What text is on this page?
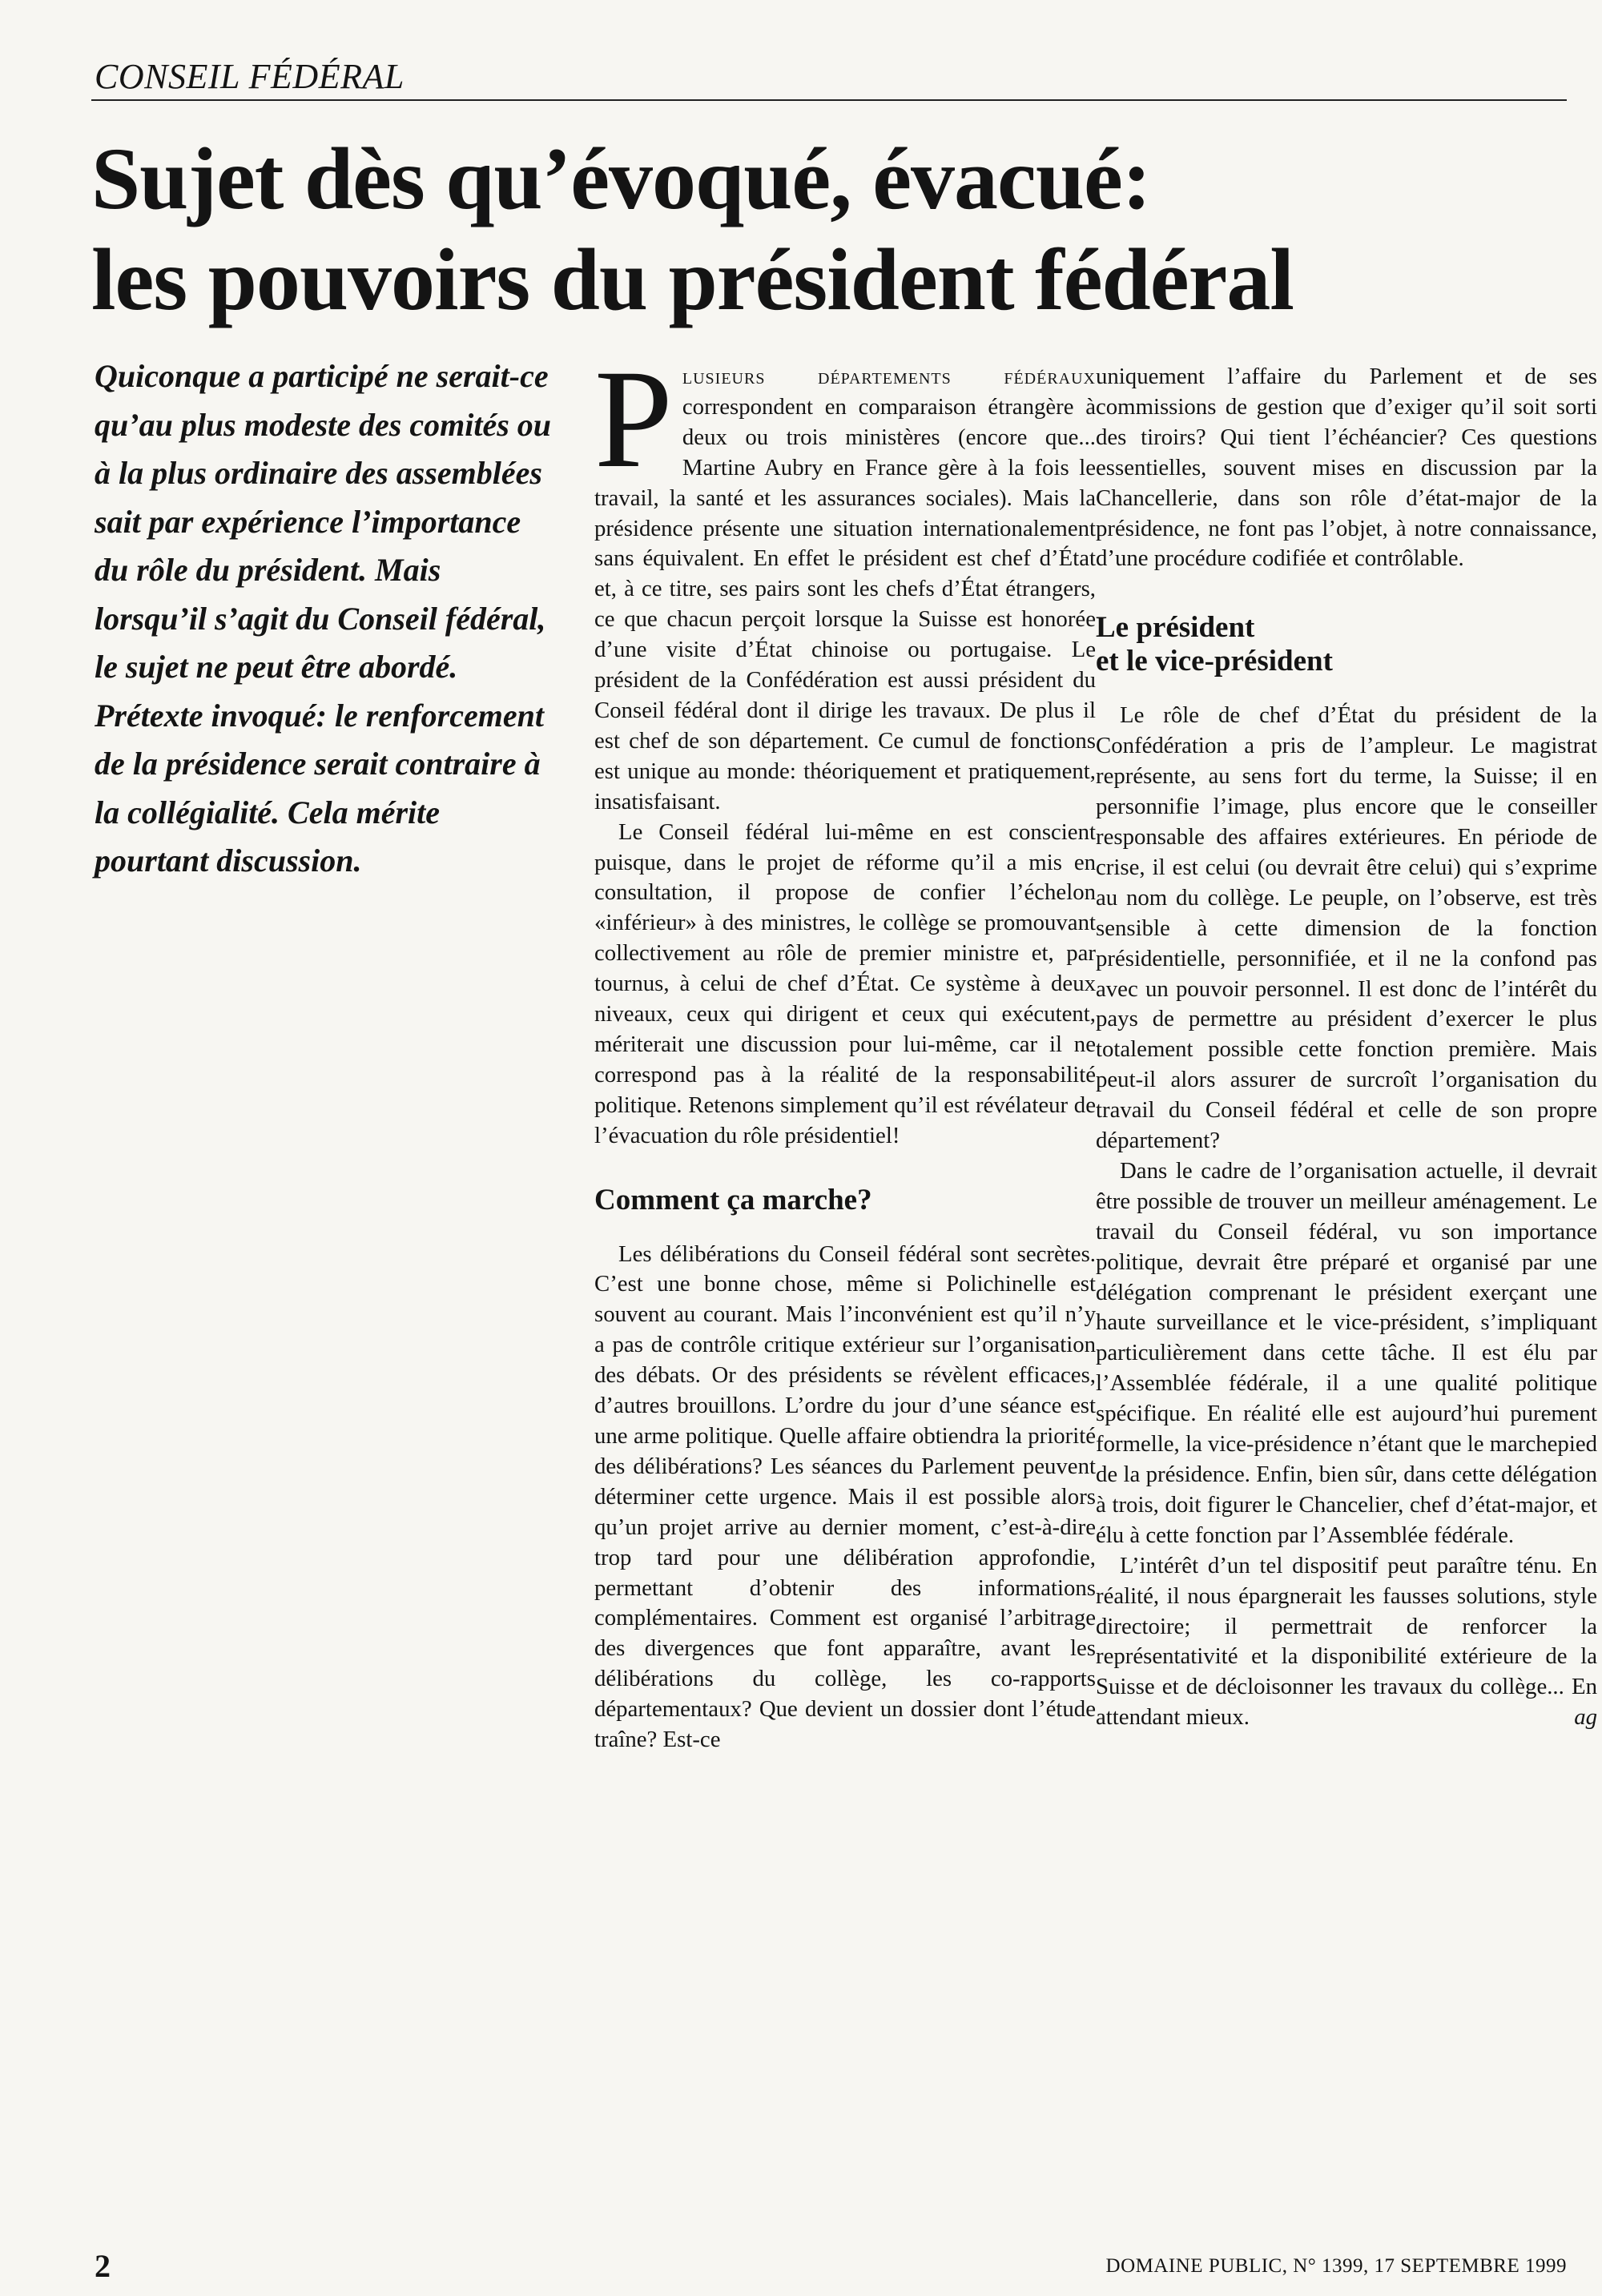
CONSEIL FÉDÉRAL
Sujet dès qu’évoqué, évacué:
les pouvoirs du président fédéral
Quiconque a participé ne serait-ce qu’au plus modeste des comités ou à la plus ordinaire des assemblées sait par expérience l’importance du rôle du président. Mais lorsqu’il s’agit du Conseil fédéral, le sujet ne peut être abordé. Prétexte invoqué: le renforcement de la présidence serait contraire à la collégialité. Cela mérite pourtant discussion.

Plusieurs départements fédéraux correspondent en comparaison étrangère à deux ou trois ministères (encore que... Martine Aubry en France gère à la fois le travail, la santé et les assurances sociales). Mais la présidence présente une situation internationalement sans équivalent. En effet le président est chef d’État et, à ce titre, ses pairs sont les chefs d’État étrangers, ce que chacun perçoit lorsque la Suisse est honorée d’une visite d’État chinoise ou portugaise. Le président de la Confédération est aussi président du Conseil fédéral dont il dirige les travaux. De plus il est chef de son département. Ce cumul de fonctions est unique au monde: théoriquement et pratiquement, insatisfaisant.

Le Conseil fédéral lui-même en est conscient puisque, dans le projet de réforme qu’il a mis en consultation, il propose de confier l’échelon «inférieur» à des ministres, le collège se promouvant collectivement au rôle de premier ministre et, par tournus, à celui de chef d’État. Ce système à deux niveaux, ceux qui dirigent et ceux qui exécutent, mériterait une discussion pour lui-même, car il ne correspond pas à la réalité de la responsabilité politique. Retenons simplement qu’il est révélateur de l’évacuation du rôle présidentiel!

Comment ça marche?

Les délibérations du Conseil fédéral sont secrètes. C’est une bonne chose, même si Polichinelle est souvent au courant. Mais l’inconvénient est qu’il n’y a pas de contrôle critique extérieur sur l’organisation des débats. Or des présidents se révèlent efficaces, d’autres brouillons. L’ordre du jour d’une séance est une arme politique. Quelle affaire obtiendra la priorité des délibérations? Les séances du Parlement peuvent déterminer cette urgence. Mais il est possible alors qu’un projet arrive au dernier moment, c’est-à-dire trop tard pour une délibération approfondie, permettant d’obtenir des informations complémentaires. Comment est organisé l’arbitrage des divergences que font apparaître, avant les délibérations du collège, les co-rapports départementaux? Que devient un dossier dont l’étude traîne? Est-ce

uniquement l’affaire du Parlement et de ses commissions de gestion que d’exiger qu’il soit sorti des tiroirs? Qui tient l’échéancier? Ces questions essentielles, souvent mises en discussion par la Chancellerie, dans son rôle d’état-major de la présidence, ne font pas l’objet, à notre connaissance, d’une procédure codifiée et contrôlable.

Le président
et le vice-président

Le rôle de chef d’État du président de la Confédération a pris de l’ampleur. Le magistrat représente, au sens fort du terme, la Suisse; il en personnifie l’image, plus encore que le conseiller responsable des affaires extérieures. En période de crise, il est celui (ou devrait être celui) qui s’exprime au nom du collège. Le peuple, on l’observe, est très sensible à cette dimension de la fonction présidentielle, personnifiée, et il ne la confond pas avec un pouvoir personnel. Il est donc de l’intérêt du pays de permettre au président d’exercer le plus totalement possible cette fonction première. Mais peut-il alors assurer de surcroît l’organisation du travail du Conseil fédéral et celle de son propre département?

Dans le cadre de l’organisation actuelle, il devrait être possible de trouver un meilleur aménagement. Le travail du Conseil fédéral, vu son importance politique, devrait être préparé et organisé par une délégation comprenant le président exerçant une haute surveillance et le vice-président, s’impliquant particulièrement dans cette tâche. Il est élu par l’Assemblée fédérale, il a une qualité politique spécifique. En réalité elle est aujourd’hui purement formelle, la vice-présidence n’étant que le marchepied de la présidence. Enfin, bien sûr, dans cette délégation à trois, doit figurer le Chancelier, chef d’état-major, et élu à cette fonction par l’Assemblée fédérale.

L’intérêt d’un tel dispositif peut paraître ténu. En réalité, il nous épargnerait les fausses solutions, style directoire; il permettrait de renforcer la représentativité et la disponibilité extérieure de la Suisse et de décloisonner les travaux du collège... En attendant mieux.	ag

2	DOMAINE PUBLIC, N° 1399, 17 SEPTEMBRE 1999
